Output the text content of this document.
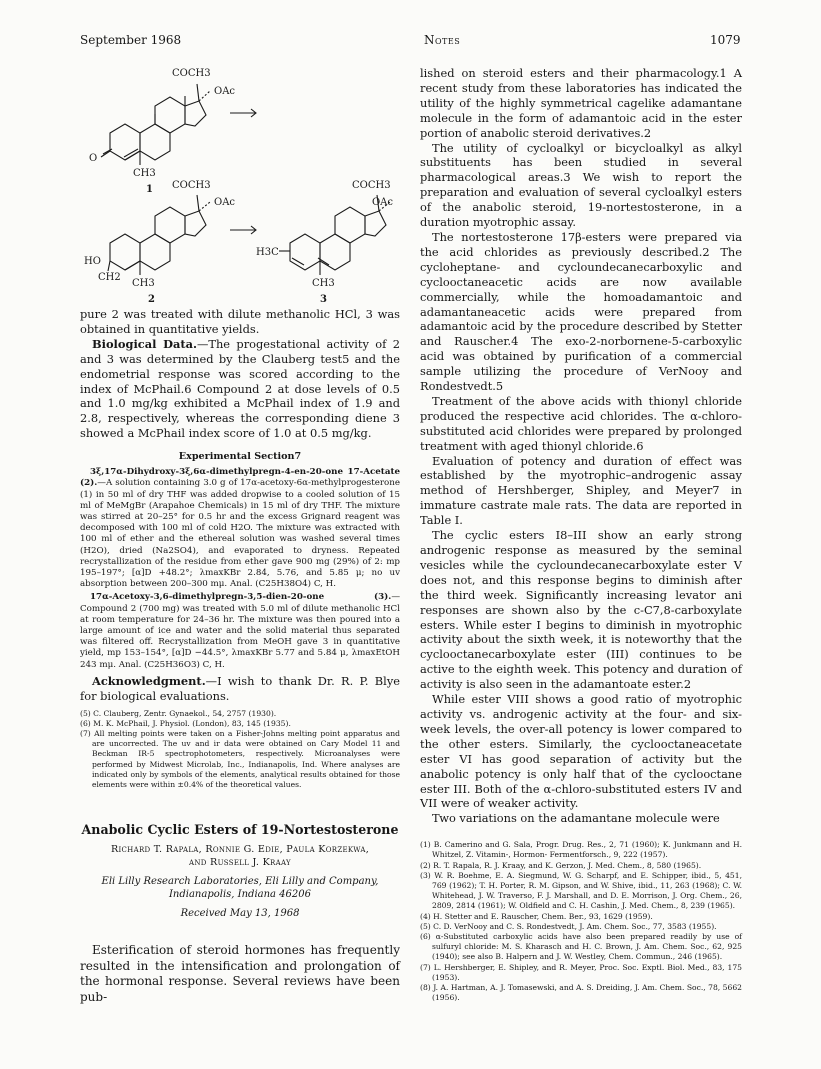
September 1968	Notes	1079
COCH3
OAc
O
CH3
1 COCH3
OAc
HO
CH2
CH3
2
COCH3
OAc
H3C
CH3
3

pure 2 was treated with dilute methanolic HCl, 3 was obtained in quantitative yields.

Biological Data.—The progestational activity of 2 and 3 was determined by the Clauberg test5 and the endometrial response was scored according to the index of McPhail.6 Compound 2 at dose levels of 0.5 and 1.0 mg/kg exhibited a McPhail index of 1.9 and 2.8, respectively, whereas the corresponding diene 3 showed a McPhail index score of 1.0 at 0.5 mg/kg.

Experimental Section7

3ξ,17α-Dihydroxy-3ξ,6α-dimethylpregn-4-en-20-one 17-Acetate (2).—A solution containing 3.0 g of 17α-acetoxy-6α-methylprogesterone (1) in 50 ml of dry THF was added dropwise to a cooled solution of 15 ml of MeMgBr (Arapahoe Chemicals) in 15 ml of dry THF. The mixture was stirred at 20–25° for 0.5 hr and the excess Grignard reagent was decomposed with 100 ml of cold H2O. The mixture was extracted with 100 ml of ether and the ethereal solution was washed several times (H2O), dried (Na2SO4), and evaporated to dryness. Repeated recrystallization of the residue from ether gave 900 mg (29%) of 2: mp 195–197°; [α]D +48.2°; λmaxKBr 2.84, 5.76, and 5.85 μ; no uv absorption between 200–300 mμ. Anal. (C25H38O4) C, H.

17α-Acetoxy-3,6-dimethylpregn-3,5-dien-20-one (3).—Compound 2 (700 mg) was treated with 5.0 ml of dilute methanolic HCl at room temperature for 24–36 hr. The mixture was then poured into a large amount of ice and water and the solid material thus separated was filtered off. Recrystallization from MeOH gave 3 in quantitative yield, mp 153–154°, [α]D −44.5°, λmaxKBr 5.77 and 5.84 μ, λmaxEtOH 243 mμ. Anal. (C25H36O3) C, H.

Acknowledgment.—I wish to thank Dr. R. P. Blye for biological evaluations.

(5) C. Clauberg, Zentr. Gynaekol., 54, 2757 (1930).

(6) M. K. McPhail, J. Physiol. (London), 83, 145 (1935).

(7) All melting points were taken on a Fisher-Johns melting point apparatus and are uncorrected. The uv and ir data were obtained on Cary Model 11 and Beckman IR-5 spectrophotometers, respectively. Microanalyses were performed by Midwest Microlab, Inc., Indianapolis, Ind. Where analyses are indicated only by symbols of the elements, analytical results obtained for those elements were within ±0.4% of the theoretical values.

Anabolic Cyclic Esters of 19-Nortestosterone

Richard T. Rapala, Ronnie G. Edie, Paula Korzekwa,

and Russell J. Kraay

Eli Lilly Research Laboratories, Eli Lilly and Company,

Indianapolis, Indiana 46206

Received May 13, 1968

Esterification of steroid hormones has frequently resulted in the intensification and prolongation of the hormonal response. Several reviews have been pub-

lished on steroid esters and their pharmacology.1 A recent study from these laboratories has indicated the utility of the highly symmetrical cagelike adamantane molecule in the form of adamantoic acid in the ester portion of anabolic steroid derivatives.2

The utility of cycloalkyl or bicycloalkyl as alkyl substituents has been studied in several pharmacological areas.3 We wish to report the preparation and evaluation of several cycloalkyl esters of the anabolic steroid, 19-nortestosterone, in a duration myotrophic assay.

The nortestosterone 17β-esters were prepared via the acid chlorides as previously described.2 The cycloheptane- and cycloundecanecarboxylic and cyclooctaneacetic acids are now available commercially, while the homoadamantoic and adamantaneacetic acids were prepared from adamantoic acid by the procedure described by Stetter and Rauscher.4 The exo-2-norbornene-5-carboxylic acid was obtained by purification of a commercial sample utilizing the procedure of VerNooy and Rondestvedt.5

Treatment of the above acids with thionyl chloride produced the respective acid chlorides. The α-chloro-substituted acid chlorides were prepared by prolonged treatment with aged thionyl chloride.6

Evaluation of potency and duration of effect was established by the myotrophic–androgenic assay method of Hershberger, Shipley, and Meyer7 in immature castrate male rats. The data are reported in Table I.

The cyclic esters I8–III show an early strong androgenic response as measured by the seminal vesicles while the cycloundecanecarboxylate ester V does not, and this response begins to diminish after the third week. Significantly increasing levator ani responses are shown also by the c-C7,8-carboxylate esters. While ester I begins to diminish in myotrophic activity about the sixth week, it is noteworthy that the cyclooctanecarboxylate ester (III) continues to be active to the eighth week. This potency and duration of activity is also seen in the adamantoate ester.2

While ester VIII shows a good ratio of myotrophic activity vs. androgenic activity at the four- and six-week levels, the over-all potency is lower compared to the other esters. Similarly, the cyclooctaneacetate ester VI has good separation of activity but the anabolic potency is only half that of the cyclooctane ester III. Both of the α-chloro-substituted esters IV and VII were of weaker activity.

Two variations on the adamantane molecule were

(1) B. Camerino and G. Sala, Progr. Drug. Res., 2, 71 (1960); K. Junkmann and H. Whitzel, Z. Vitamin-, Hormon- Fermentforsch., 9, 222 (1957).

(2) R. T. Rapala, R. J. Kraay, and K. Gerzon, J. Med. Chem., 8, 580 (1965).

(3) W. R. Boehme, E. A. Siegmund, W. G. Scharpf, and E. Schipper, ibid., 5, 451, 769 (1962); T. H. Porter, R. M. Gipson, and W. Shive, ibid., 11, 263 (1968); C. W. Whitehead, J. W. Traverso, F. J. Marshall, and D. E. Morrison, J. Org. Chem., 26, 2809, 2814 (1961); W. Oldfield and C. H. Cashin, J. Med. Chem., 8, 239 (1965).

(4) H. Stetter and E. Rauscher, Chem. Ber., 93, 1629 (1959).

(5) C. D. VerNooy and C. S. Rondestvedt, J. Am. Chem. Soc., 77, 3583 (1955).

(6) α-Substituted carboxylic acids have also been prepared readily by use of sulfuryl chloride: M. S. Kharasch and H. C. Brown, J. Am. Chem. Soc., 62, 925 (1940); see also B. Halpern and J. W. Westley, Chem. Commun., 246 (1965).

(7) L. Hershberger, E. Shipley, and R. Meyer, Proc. Soc. Exptl. Biol. Med., 83, 175 (1953).

(8) J. A. Hartman, A. J. Tomasewski, and A. S. Dreiding, J. Am. Chem. Soc., 78, 5662 (1956).
